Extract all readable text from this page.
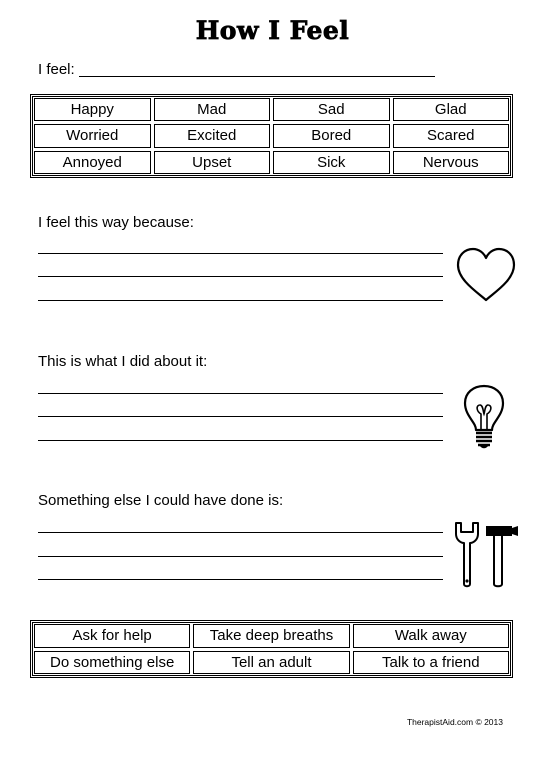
How I Feel
I feel:
Happy	Mad	Sad	Glad
Worried	Excited	Bored	Scared
Annoyed	Upset	Sick	Nervous
I feel this way because:
This is what I did about it:
Something else I could have done is:
Ask for help	Take deep breaths	Walk away
Do something else	Tell an adult	Talk to a friend
TherapistAid.com © 2013
